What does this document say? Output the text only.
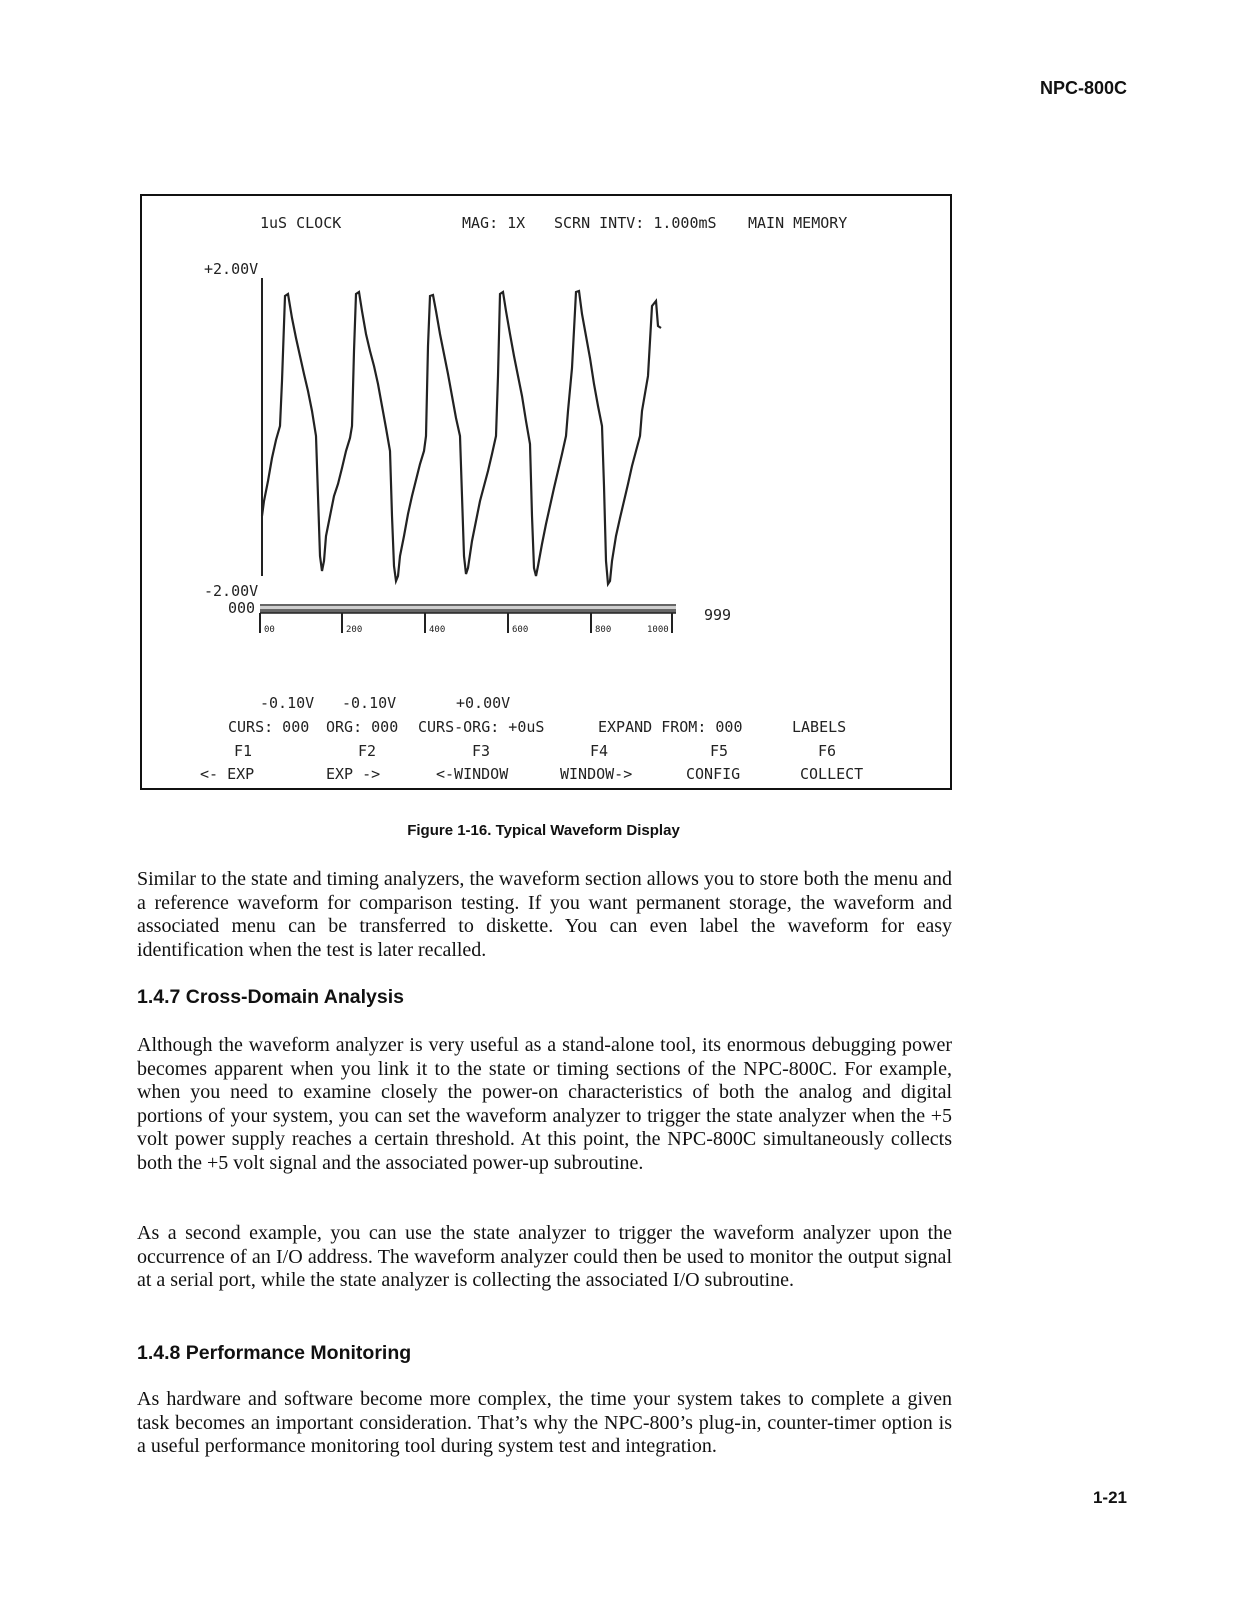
NPC-800C
00	200	400	600	800	1000
1uS CLOCK	MAG: 1X SCRN INTV: 1.000mS MAIN MEMORY
+2.00V
-2.00V
000	999
-0.10V -0.10V	+0.00V
CURS: 000 ORG: 000 CURS-ORG: +0uS	EXPAND FROM: 000	LABELS
F1	F2	F3	F4	F5	F6
<- EXP	EXP ->	<-WINDOW	WINDOW->	CONFIG	COLLECT
Figure 1-16. Typical Waveform Display

Similar to the state and timing analyzers, the waveform section allows you to store both the menu and a reference waveform for comparison testing. If you want permanent storage, the waveform and associated menu can be transferred to diskette. You can even label the waveform for easy identification when the test is later recalled.

1.4.7 Cross-Domain Analysis

Although the waveform analyzer is very useful as a stand-alone tool, its enormous debugging power becomes apparent when you link it to the state or timing sections of the NPC-800C. For example, when you need to examine closely the power-on characteristics of both the analog and digital portions of your system, you can set the waveform analyzer to trigger the state analyzer when the +5 volt power supply reaches a certain threshold. At this point, the NPC-800C simultaneously collects both the +5 volt signal and the associated power-up subroutine.

As a second example, you can use the state analyzer to trigger the waveform analyzer upon the occurrence of an I/O address. The waveform analyzer could then be used to monitor the output signal at a serial port, while the state analyzer is collecting the associated I/O subroutine.

1.4.8 Performance Monitoring

As hardware and software become more complex, the time your system takes to complete a given task becomes an important consideration. That’s why the NPC-800’s plug-in, counter-timer option is a useful performance monitoring tool during system test and integration.

1-21
